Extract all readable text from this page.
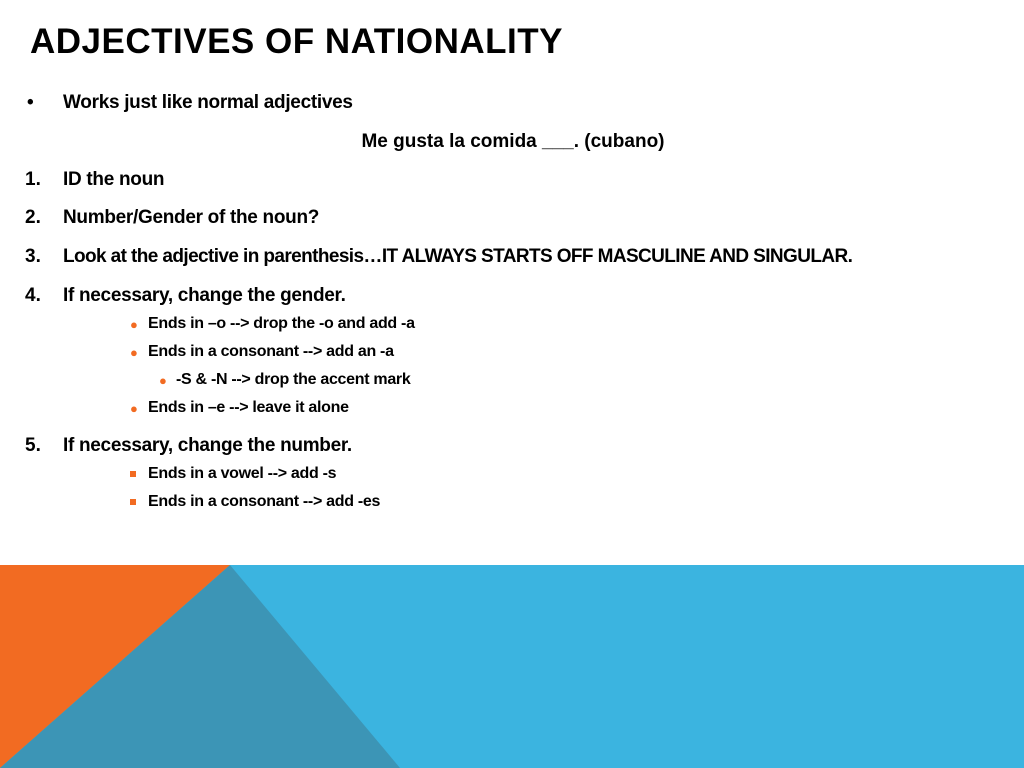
ADJECTIVES OF NATIONALITY
• Works just like normal adjectives
Me gusta la comida ___. (cubano)
1. ID the noun
2. Number/Gender of the noun?
3. Look at the adjective in parenthesis…IT ALWAYS STARTS OFF MASCULINE AND SINGULAR.
4. If necessary, change the gender.
● Ends in –o --> drop the -o and add -a
● Ends in a consonant --> add an -a
● -S & -N --> drop the accent mark
● Ends in –e --> leave it alone
5. If necessary, change the number.
Ends in a vowel --> add -s
Ends in a consonant --> add -es
